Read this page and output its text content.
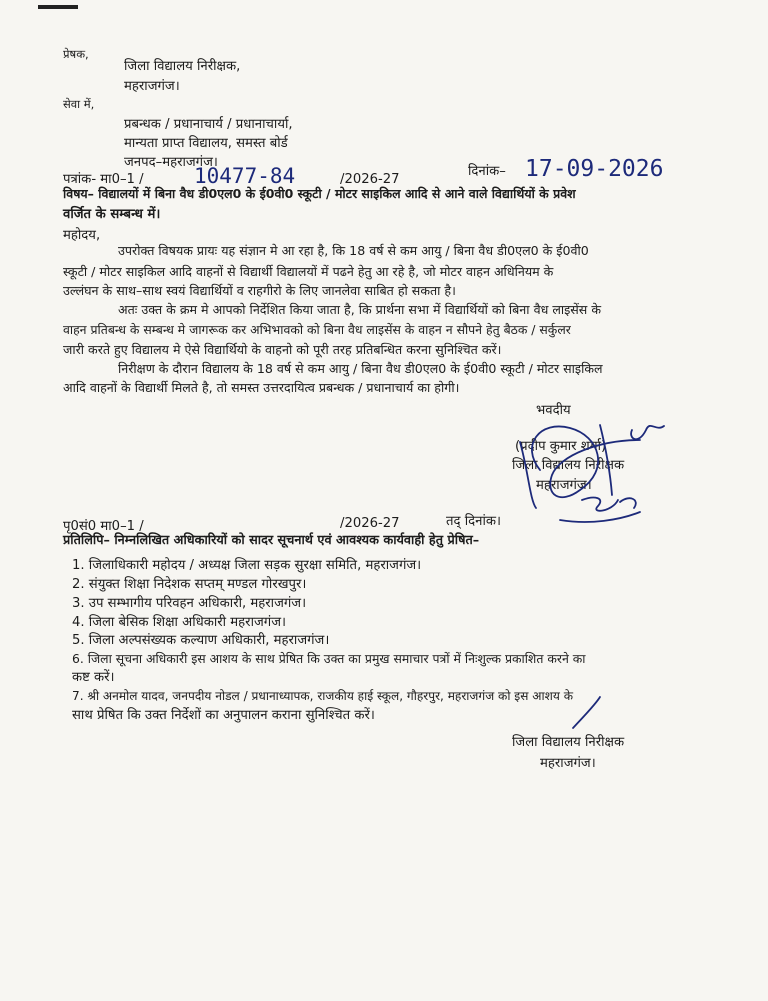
प्रेषक,
जिला विद्यालय निरीक्षक,
महराजगंज।
सेवा में,
प्रबन्धक / प्रधानाचार्य / प्रधानाचार्या,
मान्यता प्राप्त विद्यालय, समस्त बोर्ड
जनपद–महराजगंज।
पत्रांक- मा0–1 / 10477-84	/2026-27
दिनांक– 17-09-2026
विषय– विद्यालयों में बिना वैध डी0एल0 के ई0वी0 स्कूटी / मोटर साइकिल आदि से आने वाले विद्यार्थियों के प्रवेश
वर्जित के सम्बन्ध में।
महोदय,
उपरोक्त विषयक प्रायः यह संज्ञान मे आ रहा है, कि 18 वर्ष से कम आयु / बिना वैध डी0एल0 के ई0वी0
स्कूटी / मोटर साइकिल आदि वाहनों से विद्यार्थी विद्यालयों में पढने हेतु आ रहे है, जो मोटर वाहन अधिनियम के
उल्लंघन के साथ–साथ स्वयं विद्यार्थियों व राहगीरो के लिए जानलेवा साबित हो सकता है।
अतः उक्त के क्रम मे आपको निर्देशित किया जाता है, कि प्रार्थना सभा में विद्यार्थियों को बिना वैध लाइसेंस के
वाहन प्रतिबन्ध के सम्बन्ध मे जागरूक कर अभिभावको को बिना वैध लाइसेंस के वाहन न सौपने हेतु बैठक / सर्कुलर
जारी करते हुए विद्यालय मे ऐसे विद्यार्थियो के वाहनो को पूरी तरह प्रतिबन्धित करना सुनिश्चित करें।
निरीक्षण के दौरान विद्यालय के 18 वर्ष से कम आयु / बिना वैध डी0एल0 के ई0वी0 स्कूटी / मोटर साइकिल
आदि वाहनों के विद्यार्थी मिलते है, तो समस्त उत्तरदायित्व प्रबन्धक / प्रधानाचार्य का होगी।
भवदीय
(प्रदीप कुमार शर्मा)
जिला विद्यालय निरीक्षक
महराजगंज।
पृ0सं0 मा0–1 /	/2026-27	तद् दिनांक।
प्रतिलिपि– निम्नलिखित अधिकारियों को सादर सूचनार्थ एवं आवश्यक कार्यवाही हेतु प्रेषित–
1. जिलाधिकारी महोदय / अध्यक्ष जिला सड़क सुरक्षा समिति, महराजगंज।
2. संयुक्त शिक्षा निदेशक सप्तम् मण्डल गोरखपुर।
3. उप सम्भागीय परिवहन अधिकारी, महराजगंज।
4. जिला बेसिक शिक्षा अधिकारी महराजगंज।
5. जिला अल्पसंख्यक कल्याण अधिकारी, महराजगंज।
6. जिला सूचना अधिकारी इस आशय के साथ प्रेषित कि उक्त का प्रमुख समाचार पत्रों में निःशुल्क प्रकाशित करने का
कष्ट करें।
7. श्री अनमोल यादव, जनपदीय नोडल / प्रधानाध्यापक, राजकीय हाई स्कूल, गौहरपुर, महराजगंज को इस आशय के
साथ प्रेषित कि उक्त निर्देशों का अनुपालन कराना सुनिश्चित करें।
जिला विद्यालय निरीक्षक
महराजगंज।
